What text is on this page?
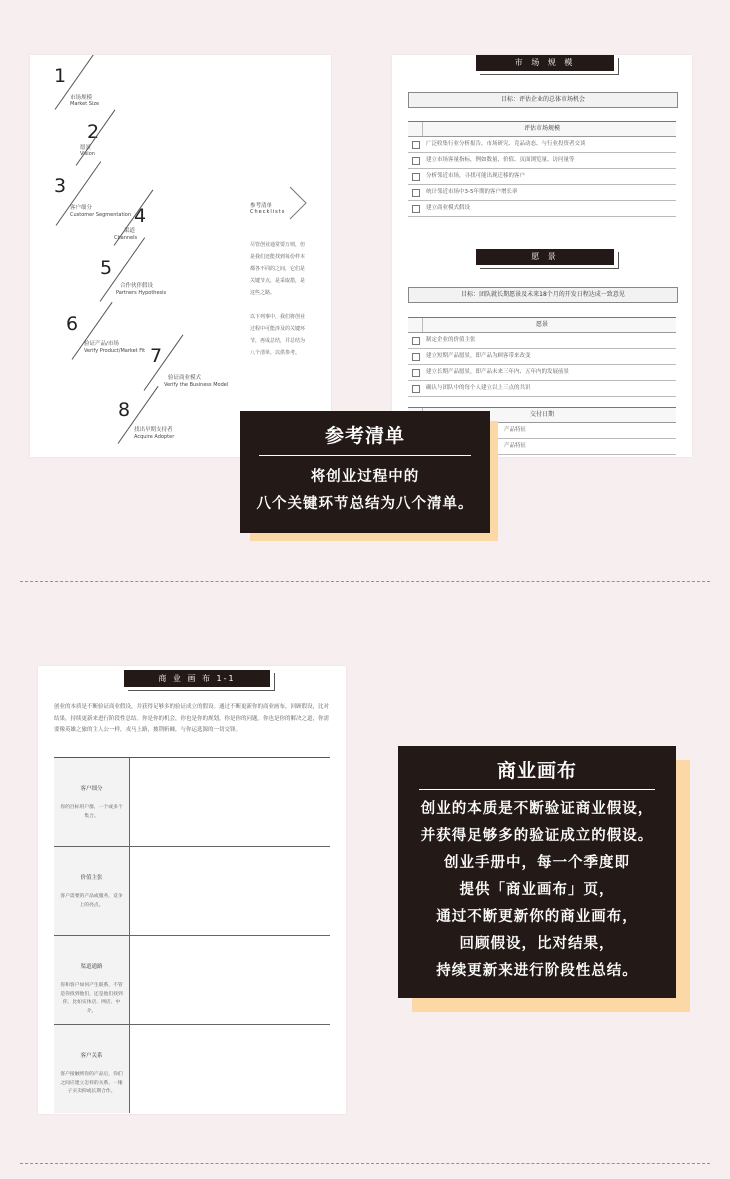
1
市场规模
Market Size
2
愿景
Vision
3
客户细分
Customer Segmentation 4
渠道
Channels
5
合作伙伴假设
Partners Hypothesis
6
验证产品/市场
Verify Product/Market Fit 7
验证商业模式
Verify the Business Model
8
找出早期支持者
Acquire Adopter
参考清单
Checklists
尽管创业通常要万则，但是我们还能找到每份样本都各不同的之间，它们是关键节点，是采取措，是这些之路。
以下列事中，我们将创业过程中可能涉及的关键环节，再成总结，并总结为八个清单，以供参考。
市 场 规 模
目标：评估企业的总体市场机会
评估市场规模
广泛收集行业分析报告、市场研究、竞品动态、与行业投资者交谈
建立市场客量指标，例如数量、价值、页面浏览量、访问量等
分析邻近市场，寻找可能出现迁移的客户
统计邻近市场中3-5年期的客户增长率
建立商业模式假设
愿 景
目标：团队就长期愿景及未来18个月的开发日程达成一致意见
愿景
制定企业的价值主张
建立短期产品愿景，即产品为顾客带来改变
建立长期产品愿景，即产品未来三年内、五年内的发展前景
确认与团队中的每个人建立以上三点的共识
交付日期
产品特征
产品特征
参考清单
将创业过程中的
八个关键环节总结为八个清单。
商 业 画 布 1-1
创业的本质是不断验证商业假设，并获得足够多的验证成立的假设。通过不断更新你的商业画布，回顾假设，比对结果，持续更新来进行阶段性总结。你是你的机会，你也是你的规划，你是你的问题。你也是你的解决之道，你需要像英雄之旅的主人公一样，戎马上路，披荆斩棘，与你运选源的一切交锋。
客户细分
你的目标用户群，一个或多个集合。
价值主张
客户需要的产品或服务，竞争上的亮点。
渠道通路
你和客户如何产生联系，不管是你找到他们，还是他们找到你，比如实体店、网店、中介。
客户关系
客户接触到你的产品后，你们之间应建立怎样的关系，一锤子买卖抑或长期合作。
商业画布
创业的本质是不断验证商业假设，
并获得足够多的验证成立的假设。
创业手册中，每一个季度即
提供「商业画布」页，
通过不断更新你的商业画布，
回顾假设，比对结果，
持续更新来进行阶段性总结。
